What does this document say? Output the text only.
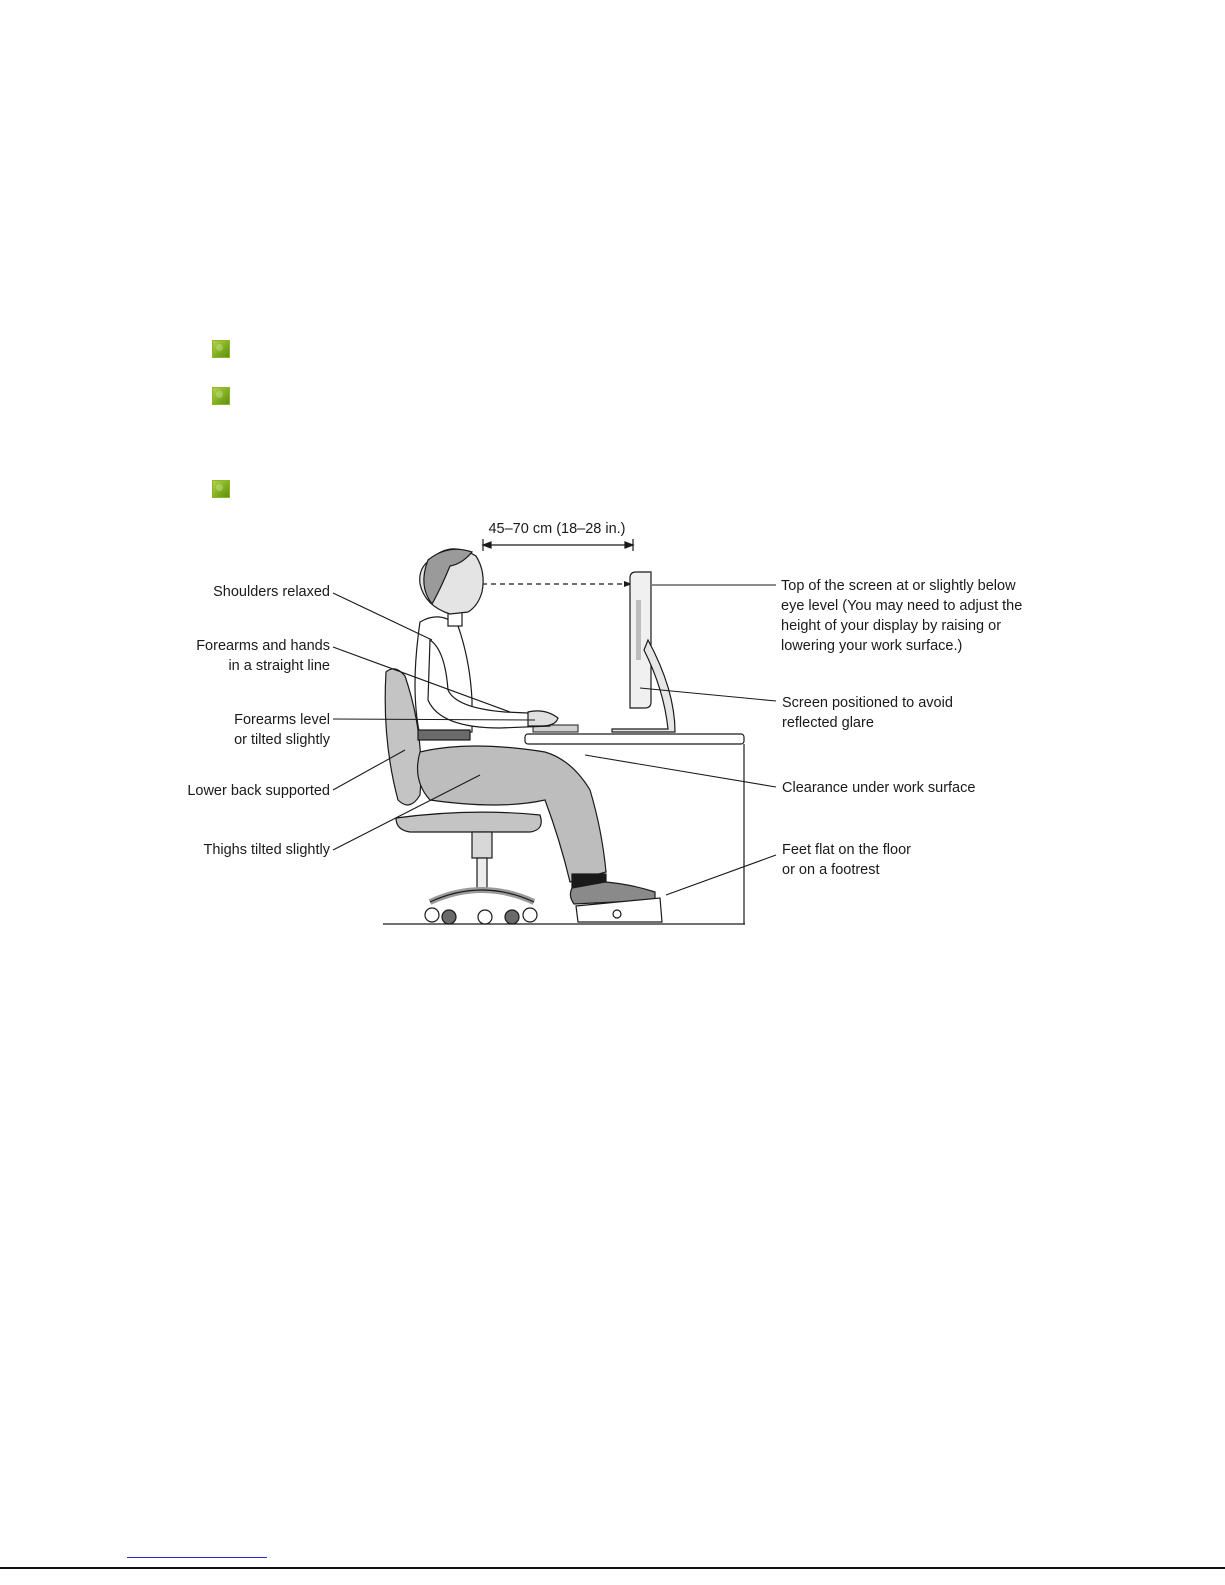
45–70 cm (18–28 in.)
Shoulders relaxed
Forearms and hands
in a straight line
Forearms level
or tilted slightly
Lower back supported
Thighs tilted slightly
Top of the screen at or slightly below
eye level (You may need to adjust the
height of your display by raising or
lowering your work surface.)
Screen positioned to avoid
reflected glare
Clearance under work surface
Feet flat on the floor
or on a footrest
